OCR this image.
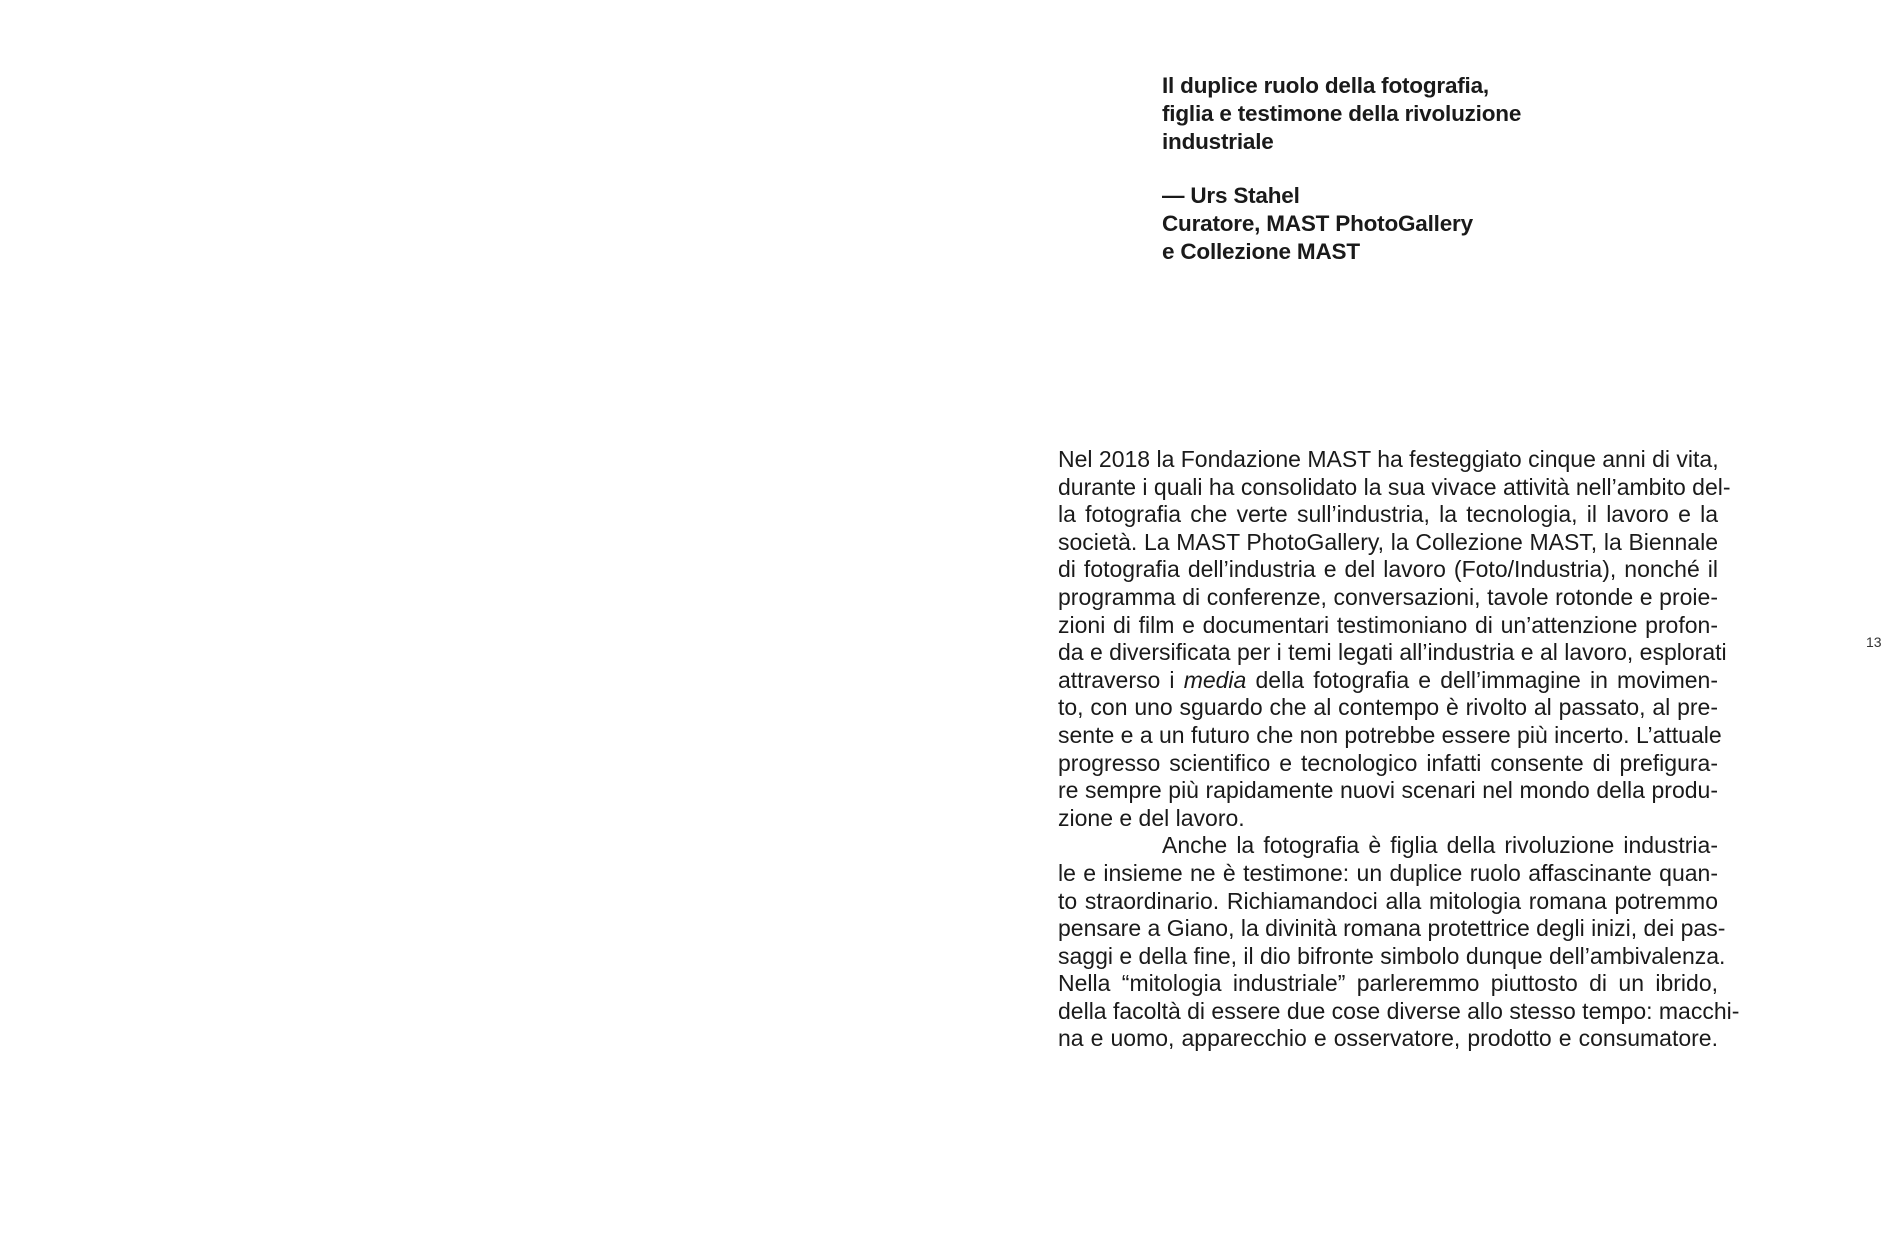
Il duplice ruolo della fotografia,
figlia e testimone della rivoluzione
industriale
— Urs Stahel
Curatore, MAST PhotoGallery
e Collezione MAST
Nel 2018 la Fondazione MAST ha festeggiato cinque anni di vita,
durante i quali ha consolidato la sua vivace attività nell’ambito del-
la fotografia che verte sull’industria, la tecnologia, il lavoro e la
società. La MAST PhotoGallery, la Collezione MAST, la Biennale
di fotografia dell’industria e del lavoro (Foto/Industria), nonché il
programma di conferenze, conversazioni, tavole rotonde e proie-
zioni di film e documentari testimoniano di un’attenzione profon-
da e diversificata per i temi legati all’industria e al lavoro, esplorati
attraverso i media della fotografia e dell’immagine in movimen-
to, con uno sguardo che al contempo è rivolto al passato, al pre-
sente e a un futuro che non potrebbe essere più incerto. L’attuale
progresso scientifico e tecnologico infatti consente di prefigura-
re sempre più rapidamente nuovi scenari nel mondo della produ-
zione e del lavoro.
Anche la fotografia è figlia della rivoluzione industria-
le e insieme ne è testimone: un duplice ruolo affascinante quan-
to straordinario. Richiamandoci alla mitologia romana potremmo
pensare a Giano, la divinità romana protettrice degli inizi, dei pas-
saggi e della fine, il dio bifronte simbolo dunque dell’ambivalenza.
Nella “mitologia industriale” parleremmo piuttosto di un ibrido,
della facoltà di essere due cose diverse allo stesso tempo: macchi-
na e uomo, apparecchio e osservatore, prodotto e consumatore.
13
